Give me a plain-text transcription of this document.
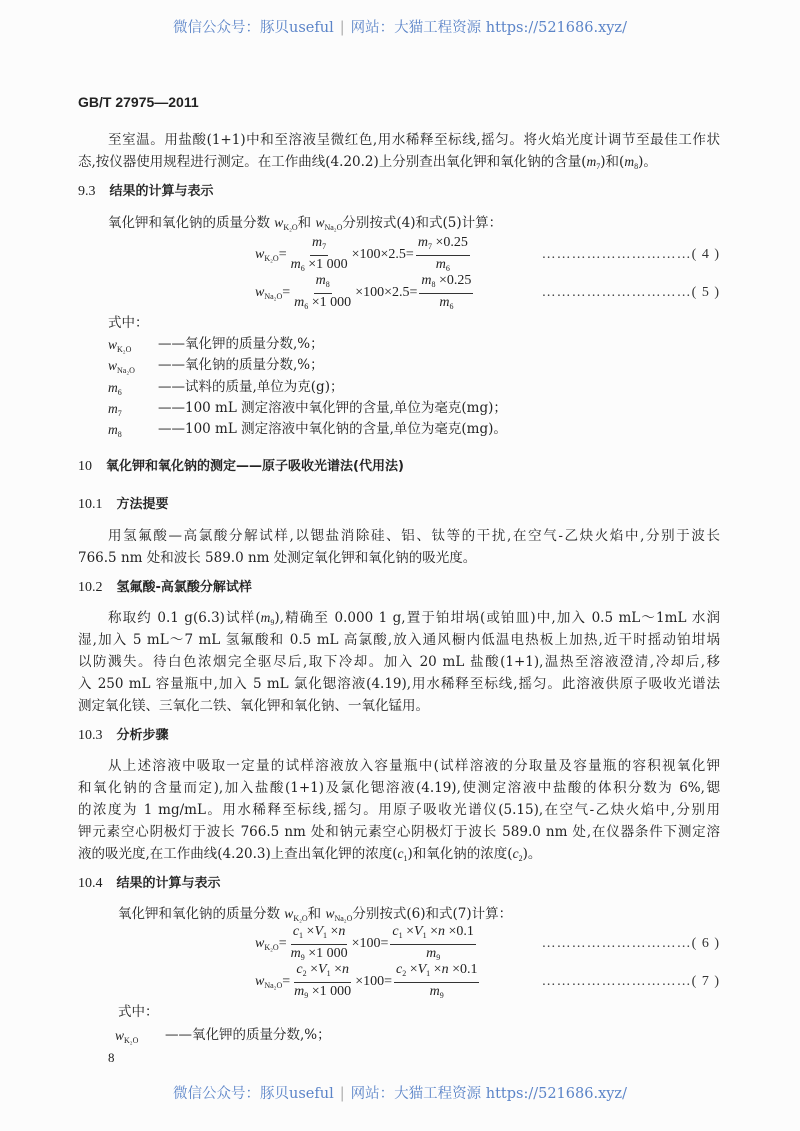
微信公众号：豚贝useful | 网站：大猫工程资源 https://521686.xyz/
GB/T 27975—2011
至室温。用盐酸(1+1)中和至溶液呈微红色,用水稀释至标线,摇匀。将火焰光度计调节至最佳工作状
态,按仪器使用规程进行测定。在工作曲线(4.20.2)上分别查出氧化钾和氧化钠的含量$(m_7)$和$(m_8)$。
9.3 结果的计算与表示
氧化钾和氧化钠的质量分数 $w_{K_2O}$和 $w_{Na_2O}$分别按式(4)和式(5)计算：
$w_{K_2O}= \frac{m_7}{m_6 \times 1 000} \times 100\times 2.5= \frac{m_7 \times 0.25}{m_6}$	…………………………( 4 )
$w_{Na_2O}= \frac{m_8}{m_6 \times 1 000} \times 100\times 2.5= \frac{m_8 \times 0.25}{m_6}$	…………………………( 5 )
式中：
$w_{K_2O}$	——氧化钾的质量分数,%；
$w_{Na_2O}$	——氧化钠的质量分数,%；
$m_6$	——试料的质量,单位为克(g)；
$m_7$	——100 mL 测定溶液中氧化钾的含量,单位为毫克(mg)；
$m_8$	——100 mL 测定溶液中氧化钠的含量,单位为毫克(mg)。
10 氧化钾和氧化钠的测定——原子吸收光谱法(代用法)
10.1 方法提要
用氢氟酸—高氯酸分解试样,以锶盐消除硅、铝、钛等的干扰,在空气-乙炔火焰中,分别于波长
766.5 nm 处和波长 589.0 nm 处测定氧化钾和氧化钠的吸光度。
10.2 氢氟酸-高氯酸分解试样
称取约 0.1 g(6.3)试样$(m_9)$,精确至 0.000 1 g,置于铂坩埚(或铂皿)中,加入 0.5 mL～1mL 水润
湿,加入 5 mL～7 mL 氢氟酸和 0.5 mL 高氯酸,放入通风橱内低温电热板上加热,近干时摇动铂坩埚
以防溅失。待白色浓烟完全驱尽后,取下冷却。加入 20 mL 盐酸(1+1),温热至溶液澄清,冷却后,移
入 250 mL 容量瓶中,加入 5 mL 氯化锶溶液(4.19),用水稀释至标线,摇匀。此溶液供原子吸收光谱法
测定氧化镁、三氧化二铁、氧化钾和氧化钠、一氧化锰用。
10.3 分析步骤
从上述溶液中吸取一定量的试样溶液放入容量瓶中(试样溶液的分取量及容量瓶的容积视氧化钾
和氧化钠的含量而定),加入盐酸(1+1)及氯化锶溶液(4.19),使测定溶液中盐酸的体积分数为 6%,锶
的浓度为 1 mg/mL。用水稀释至标线,摇匀。用原子吸收光谱仪(5.15),在空气-乙炔火焰中,分别用
钾元素空心阴极灯于波长 766.5 nm 处和钠元素空心阴极灯于波长 589.0 nm 处,在仪器条件下测定溶
液的吸光度,在工作曲线(4.20.3)上查出氧化钾的浓度$(c_1)$和氧化钠的浓度$(c_2)$。
10.4 结果的计算与表示
氧化钾和氧化钠的质量分数 $w_{K_2O}$和 $w_{Na_2O}$分别按式(6)和式(7)计算：
$w_{K_2O}= \frac{c_1 \times V_1 \times n}{m_9 \times 1 000} \times 100= \frac{c_1 \times V_1 \times n \times 0.1}{m_9}$	…………………………( 6 )
$w_{Na_2O}= \frac{c_2 \times V_1 \times n}{m_9 \times 1 000} \times 100= \frac{c_2 \times V_1 \times n \times 0.1}{m_9}$	…………………………( 7 )
式中：
$w_{K_2O}$	——氧化钾的质量分数,%；
8
微信公众号：豚贝useful | 网站：大猫工程资源 https://521686.xyz/
